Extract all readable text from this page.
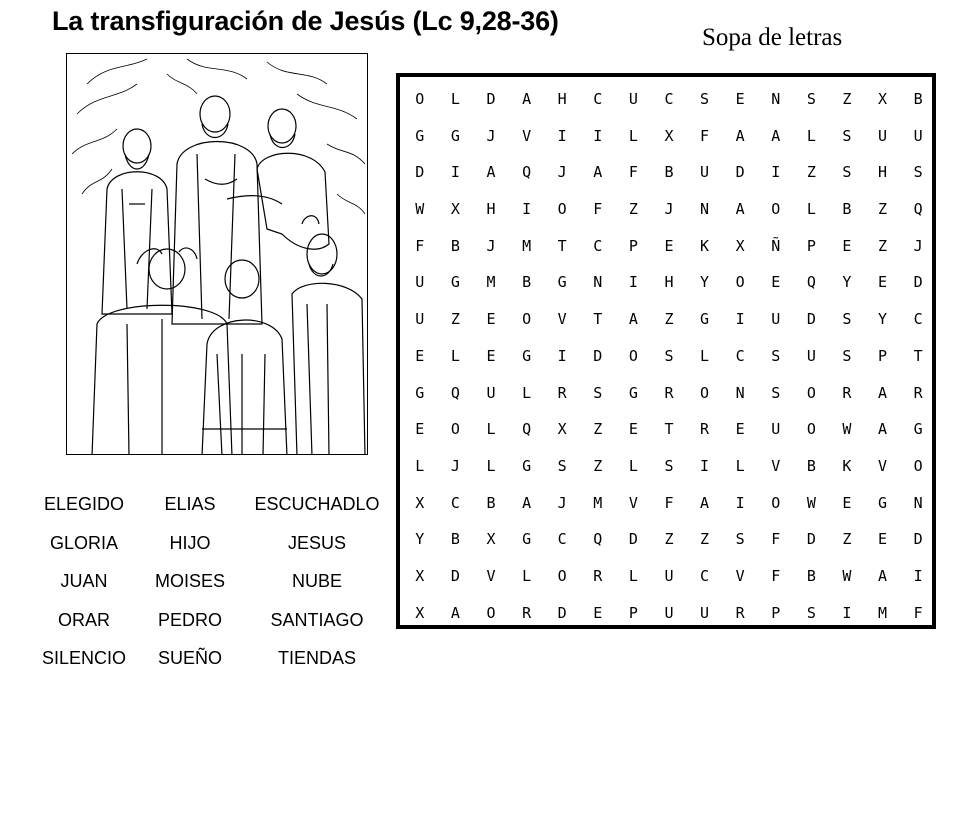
La transfiguración de Jesús (Lc 9,28-36)
Sopa de letras
ELEGIDO	ELIAS	ESCUCHADLO
GLORIA	HIJO	JESUS
JUAN	MOISES	NUBE
ORAR	PEDRO	SANTIAGO
SILENCIO	SUEÑO	TIENDAS
O	L	D	A	H	C	U	C	S	E	N	S	Z	X	B
G	G	J	V	I	I	L	X	F	A	A	L	S	U	U
D	I	A	Q	J	A	F	B	U	D	I	Z	S	H	S
W	X	H	I	O	F	Z	J	N	A	O	L	B	Z	Q
F	B	J	M	T	C	P	E	K	X	Ñ	P	E	Z	J
U	G	M	B	G	N	I	H	Y	O	E	Q	Y	E	D
U	Z	E	O	V	T	A	Z	G	I	U	D	S	Y	C
E	L	E	G	I	D	O	S	L	C	S	U	S	P	T
G	Q	U	L	R	S	G	R	O	N	S	O	R	A	R
E	O	L	Q	X	Z	E	T	R	E	U	O	W	A	G
L	J	L	G	S	Z	L	S	I	L	V	B	K	V	O
X	C	B	A	J	M	V	F	A	I	O	W	E	G	N
Y	B	X	G	C	Q	D	Z	Z	S	F	D	Z	E	D
X	D	V	L	O	R	L	U	C	V	F	B	W	A	I
X	A	O	R	D	E	P	U	U	R	P	S	I	M	F
